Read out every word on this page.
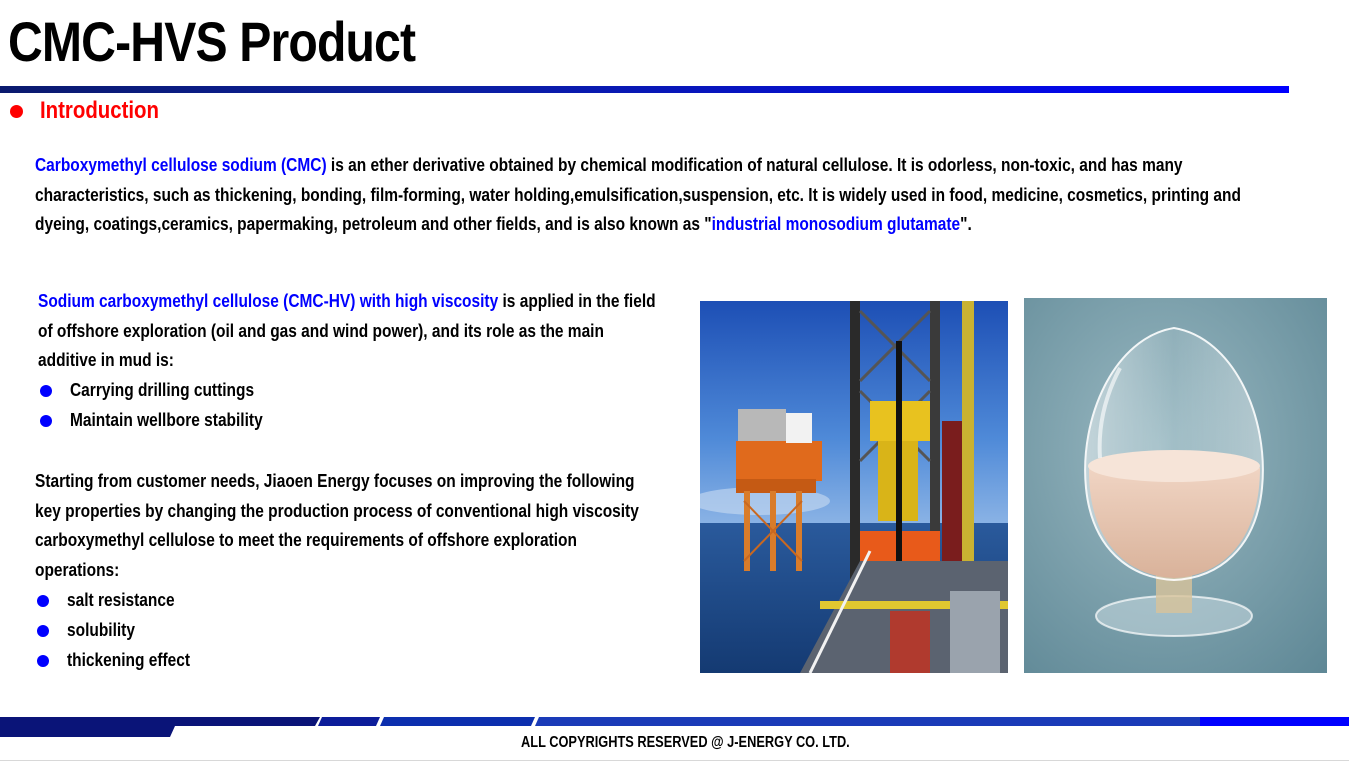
CMC-HVS Product
Introduction
Carboxymethyl cellulose sodium (CMC) is an ether derivative obtained by chemical modification of natural cellulose. It is odorless, non-toxic, and has many characteristics, such as thickening, bonding, film-forming, water holding,emulsification,suspension, etc. It is widely used in food, medicine, cosmetics, printing and dyeing, coatings,ceramics, papermaking, petroleum and other fields, and is also known as "industrial monosodium glutamate".
Sodium carboxymethyl cellulose (CMC-HV) with high viscosity is applied in the field of offshore exploration (oil and gas and wind power), and its role as the main additive in mud is:
Carrying drilling cuttings
Maintain wellbore stability
Starting from customer needs, Jiaoen Energy focuses on improving the following key properties by changing the production process of conventional high viscosity carboxymethyl cellulose to meet the requirements of offshore exploration operations:
salt resistance
solubility
thickening effect
ALL COPYRIGHTS RESERVED @ J-ENERGY CO. LTD.
